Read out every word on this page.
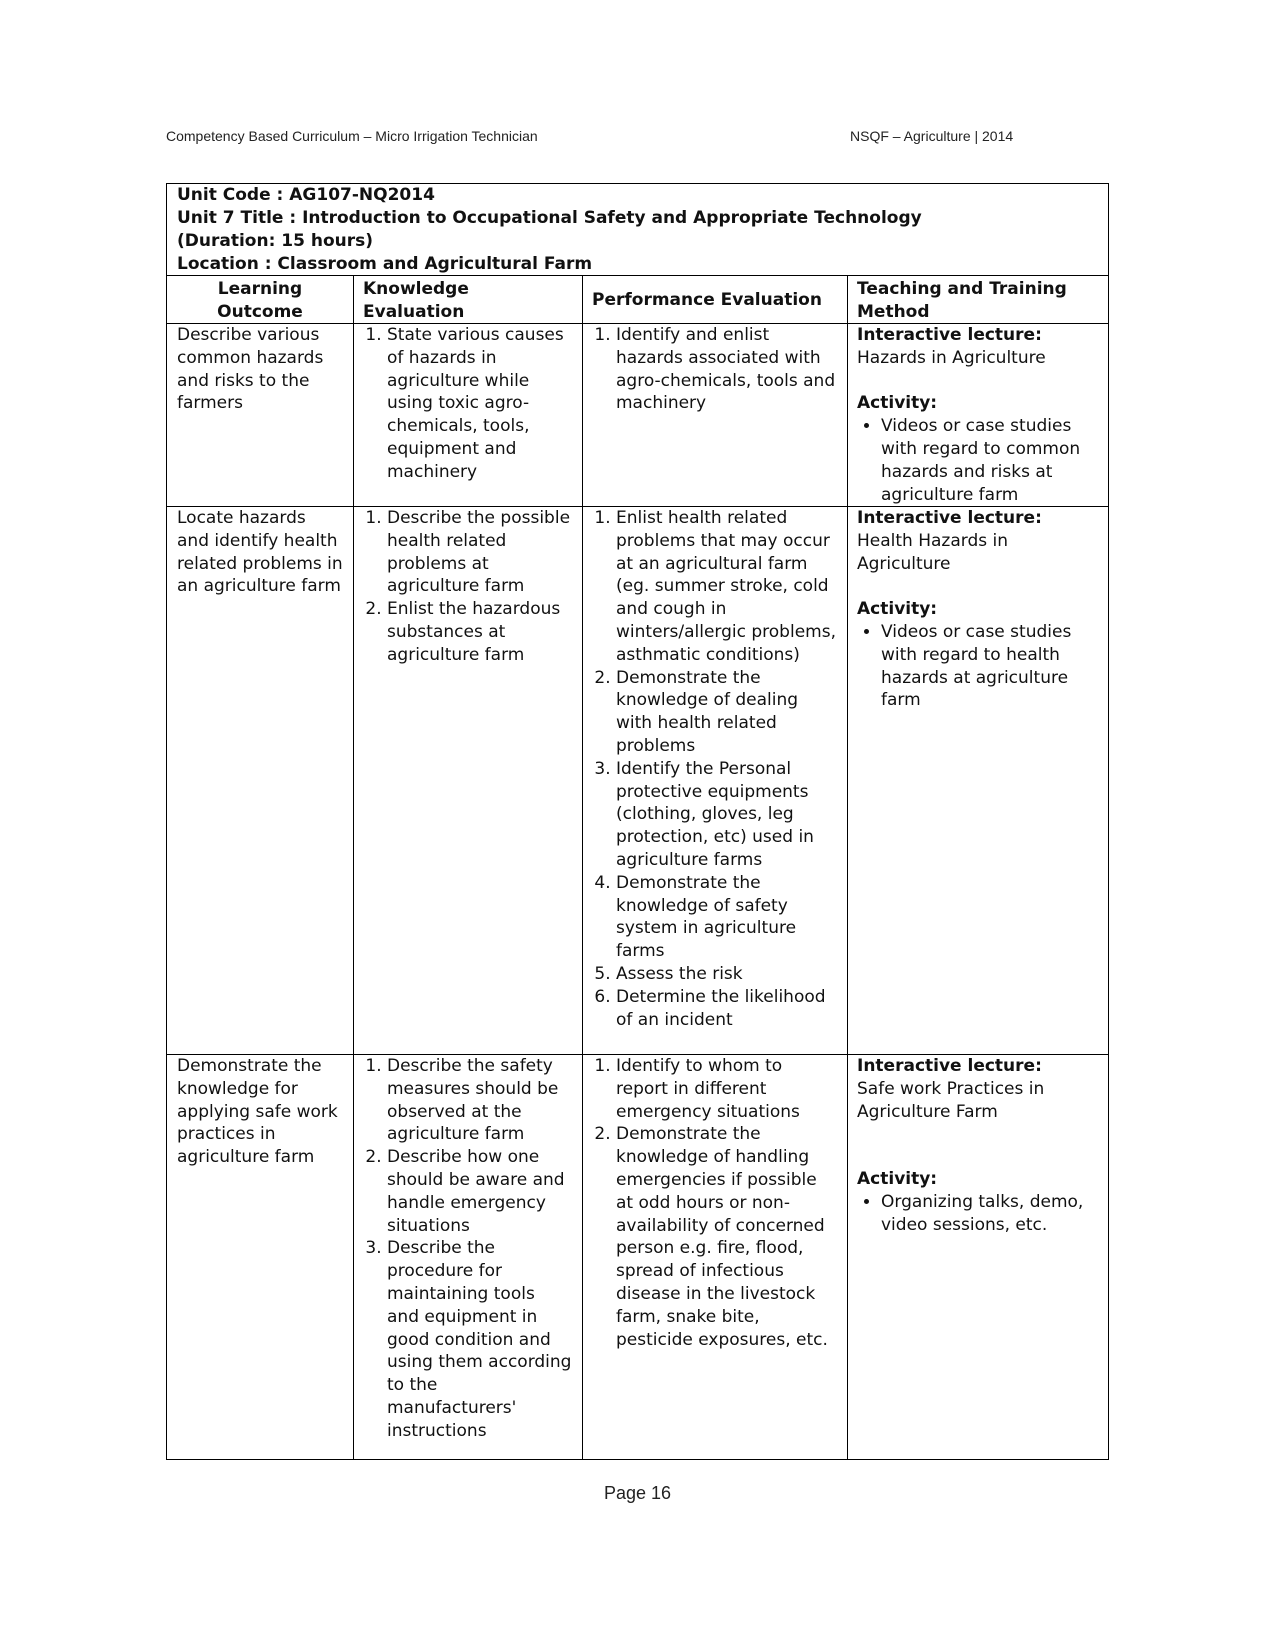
Competency Based Curriculum – Micro Irrigation Technician	NSQF – Agriculture | 2014
Unit Code : AG107-NQ2014
Unit 7 Title : Introduction to Occupational Safety and Appropriate Technology
(Duration: 15 hours)
Location : Classroom and Agricultural Farm
Learning Outcome
Knowledge Evaluation
Performance Evaluation
Teaching and Training Method
Describe various common hazards and risks to the farmers
1. State various causes of hazards in agriculture while using toxic agro-chemicals, tools, equipment and machinery
1. Identify and enlist hazards associated with agro-chemicals, tools and machinery
Interactive lecture:
Hazards in Agriculture
Activity:
• Videos or case studies with regard to common hazards and risks at agriculture farm
Locate hazards and identify health related problems in an agriculture farm
1. Describe the possible health related problems at agriculture farm
2. Enlist the hazardous substances at agriculture farm
1. Enlist health related problems that may occur at an agricultural farm (eg. summer stroke, cold and cough in winters/allergic problems, asthmatic conditions)
2. Demonstrate the knowledge of dealing with health related problems
3. Identify the Personal protective equipments (clothing, gloves, leg protection, etc) used in agriculture farms
4. Demonstrate the knowledge of safety system in agriculture farms
5. Assess the risk
6. Determine the likelihood of an incident
Interactive lecture:
Health Hazards in Agriculture
Activity:
• Videos or case studies with regard to health hazards at agriculture farm
Demonstrate the knowledge for applying safe work practices in agriculture farm
1. Describe the safety measures should be observed at the agriculture farm
2. Describe how one should be aware and handle emergency situations
3. Describe the procedure for maintaining tools and equipment in good condition and using them according to the manufacturers' instructions
1. Identify to whom to report in different emergency situations
2. Demonstrate the knowledge of handling emergencies if possible at odd hours or non-availability of concerned person e.g. fire, flood, spread of infectious disease in the livestock farm, snake bite, pesticide exposures, etc.
Interactive lecture:
Safe work Practices in Agriculture Farm
Activity:
• Organizing talks, demo, video sessions, etc.
Page 16
